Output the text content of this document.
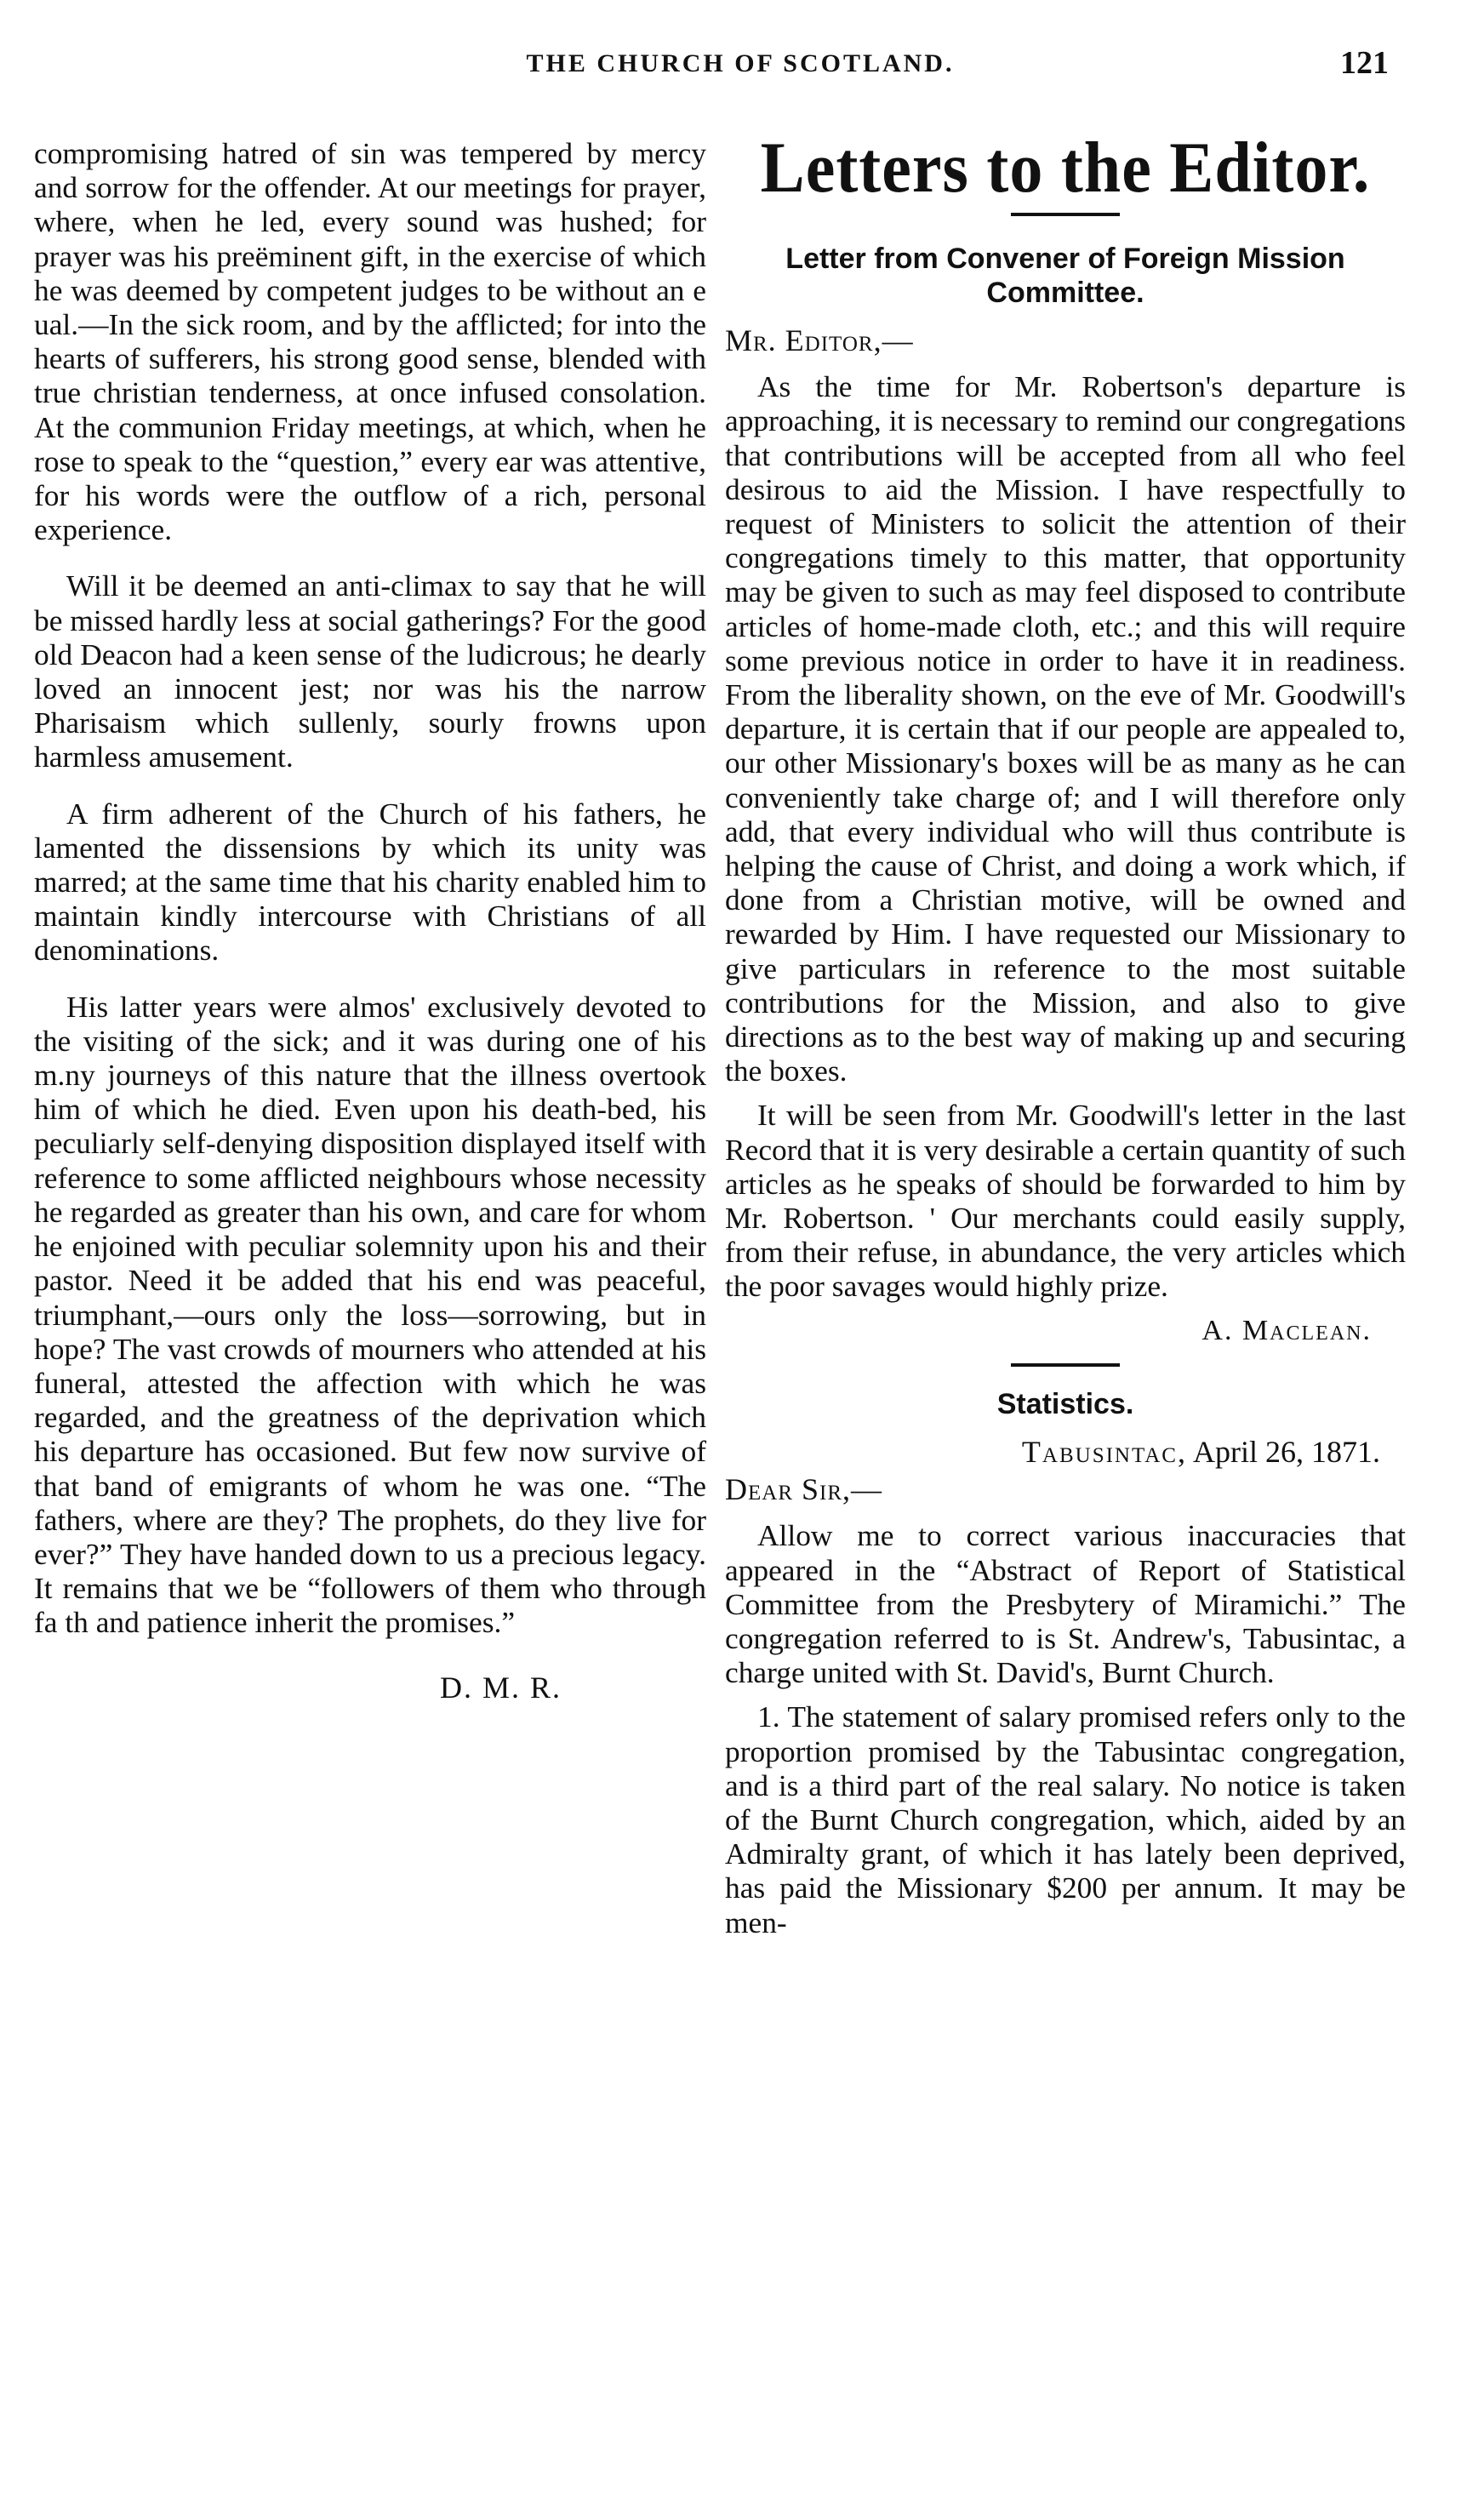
THE CHURCH OF SCOTLAND.	121

compromising hatred of sin was tempered by mercy and sorrow for the offender. At our meetings for prayer, where, when he led, every sound was hushed; for prayer was his preëminent gift, in the exercise of which he was deemed by competent judges to be without an e ual.—In the sick room, and by the afflicted; for into the hearts of sufferers, his strong good sense, blended with true christian tenderness, at once infused consolation. At the communion Friday meetings, at which, when he rose to speak to the “question,” every ear was attentive, for his words were the outflow of a rich, personal experience.

Will it be deemed an anti-climax to say that he will be missed hardly less at social gatherings? For the good old Deacon had a keen sense of the ludicrous; he dearly loved an innocent jest; nor was his the narrow Pharisaism which sullenly, sourly frowns upon harmless amusement.

A firm adherent of the Church of his fathers, he lamented the dissensions by which its unity was marred; at the same time that his charity enabled him to maintain kindly intercourse with Christians of all denominations.

His latter years were almos' exclusively devoted to the visiting of the sick; and it was during one of his m.ny journeys of this nature that the illness overtook him of which he died. Even upon his death-bed, his peculiarly self-denying disposition displayed itself with reference to some afflicted neighbours whose necessity he regarded as greater than his own, and care for whom he enjoined with peculiar solemnity upon his and their pastor. Need it be added that his end was peaceful, triumphant,—ours only the loss—sorrowing, but in hope? The vast crowds of mourners who attended at his funeral, attested the affection with which he was regarded, and the greatness of the deprivation which his departure has occasioned. But few now survive of that band of emigrants of whom he was one. “The fathers, where are they? The prophets, do they live for ever?” They have handed down to us a precious legacy. It remains that we be “followers of them who through fa th and patience inherit the promises.”

D. M. R.
Letters to the Editor.
Letter from Convener of Foreign Mission Committee.
Mr. Editor,—

As the time for Mr. Robertson's departure is approaching, it is necessary to remind our congregations that contributions will be accepted from all who feel desirous to aid the Mission. I have respectfully to request of Ministers to solicit the attention of their congregations timely to this matter, that opportunity may be given to such as may feel disposed to contribute articles of home-made cloth, etc.; and this will require some previous notice in order to have it in readiness. From the liberality shown, on the eve of Mr. Goodwill's departure, it is certain that if our people are appealed to, our other Missionary's boxes will be as many as he can conveniently take charge of; and I will therefore only add, that every individual who will thus contribute is helping the cause of Christ, and doing a work which, if done from a Christian motive, will be owned and rewarded by Him. I have requested our Missionary to give particulars in reference to the most suitable contributions for the Mission, and also to give directions as to the best way of making up and securing the boxes.

It will be seen from Mr. Goodwill's letter in the last Record that it is very desirable a certain quantity of such articles as he speaks of should be forwarded to him by Mr. Robertson. ' Our merchants could easily supply, from their refuse, in abundance, the very articles which the poor savages would highly prize.

A. Maclean.
Statistics.
Tabusintac, April 26, 1871.
Dear Sir,—

Allow me to correct various inaccuracies that appeared in the “Abstract of Report of Statistical Committee from the Presbytery of Miramichi.” The congregation referred to is St. Andrew's, Tabusintac, a charge united with St. David's, Burnt Church.

1. The statement of salary promised refers only to the proportion promised by the Tabusintac congregation, and is a third part of the real salary. No notice is taken of the Burnt Church congregation, which, aided by an Admiralty grant, of which it has lately been deprived, has paid the Missionary $200 per annum. It may be men-
